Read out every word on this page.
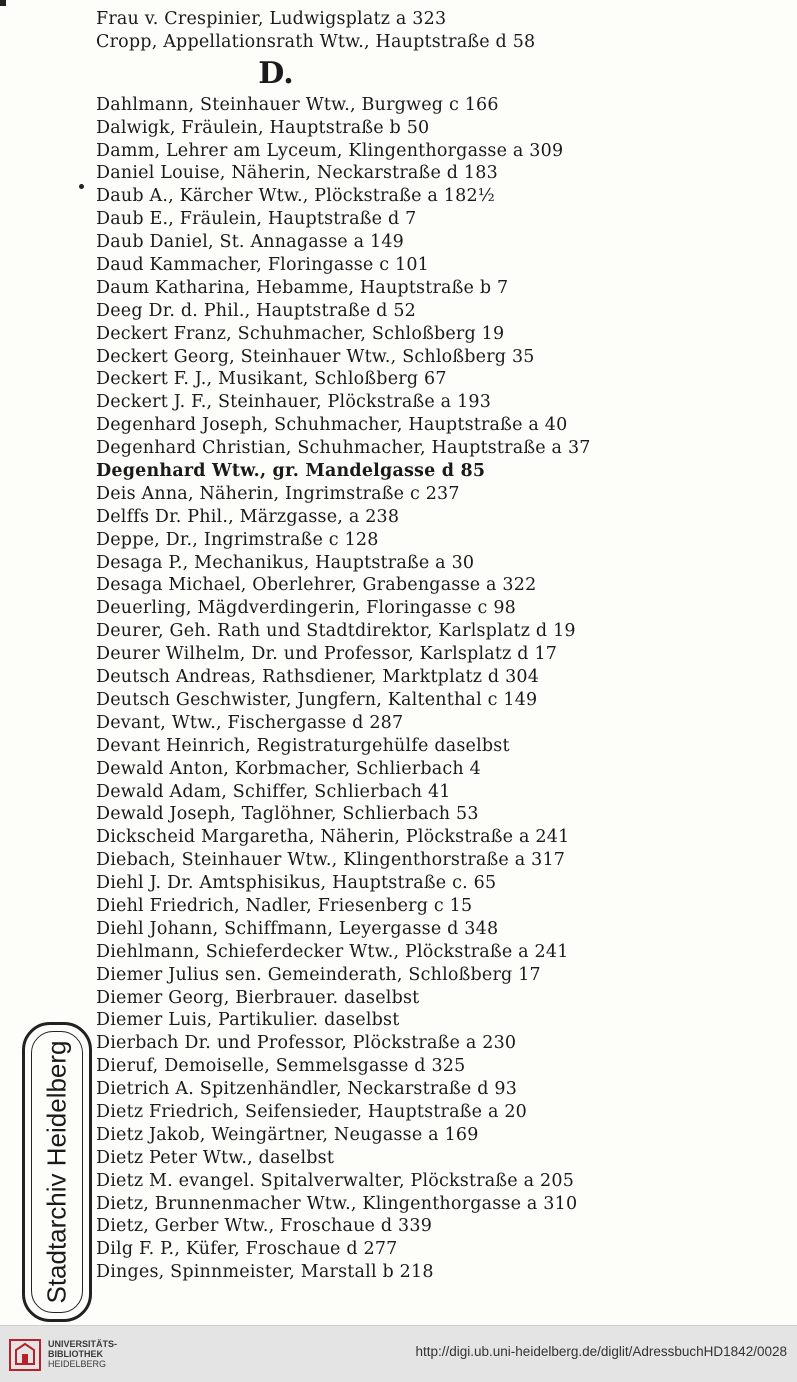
Frau v. Crespinier, Ludwigsplatz a 323
Cropp, Appellationsrath Wtw., Hauptstraße d 58
D.
Dahlmann, Steinhauer Wtw., Burgweg c 166
Dalwigk, Fräulein, Hauptstraße b 50
Damm, Lehrer am Lyceum, Klingenthorgasse a 309
Daniel Louise, Näherin, Neckarstraße d 183
Daub A., Kärcher Wtw., Plöckstraße a 182½
Daub E., Fräulein, Hauptstraße d 7
Daub Daniel, St. Annagasse a 149
Daud Kammacher, Floringasse c 101
Daum Katharina, Hebamme, Hauptstraße b 7
Deeg Dr. d. Phil., Hauptstraße d 52
Deckert Franz, Schuhmacher, Schloßberg 19
Deckert Georg, Steinhauer Wtw., Schloßberg 35
Deckert F. J., Musikant, Schloßberg 67
Deckert J. F., Steinhauer, Plöckstraße a 193
Degenhard Joseph, Schuhmacher, Hauptstraße a 40
Degenhard Christian, Schuhmacher, Hauptstraße a 37
Degenhard Wtw., gr. Mandelgasse d 85
Deis Anna, Näherin, Ingrimstraße c 237
Delffs Dr. Phil., Märzgasse, a 238
Deppe, Dr., Ingrimstraße c 128
Desaga P., Mechanikus, Hauptstraße a 30
Desaga Michael, Oberlehrer, Grabengasse a 322
Deuerling, Mägdverdingerin, Floringasse c 98
Deurer, Geh. Rath und Stadtdirektor, Karlsplatz d 19
Deurer Wilhelm, Dr. und Professor, Karlsplatz d 17
Deutsch Andreas, Rathsdiener, Marktplatz d 304
Deutsch Geschwister, Jungfern, Kaltenthal c 149
Devant, Wtw., Fischergasse d 287
Devant Heinrich, Registraturgehülfe daselbst
Dewald Anton, Korbmacher, Schlierbach 4
Dewald Adam, Schiffer, Schlierbach 41
Dewald Joseph, Taglöhner, Schlierbach 53
Dickscheid Margaretha, Näherin, Plöckstraße a 241
Diebach, Steinhauer Wtw., Klingenthorstraße a 317
Diehl J. Dr. Amtsphisikus, Hauptstraße c. 65
Diehl Friedrich, Nadler, Friesenberg c 15
Diehl Johann, Schiffmann, Leyergasse d 348
Diehlmann, Schieferdecker Wtw., Plöckstraße a 241
Diemer Julius sen. Gemeinderath, Schloßberg 17
Diemer Georg, Bierbrauer. daselbst
Diemer Luis, Partikulier. daselbst
Dierbach Dr. und Professor, Plöckstraße a 230
Dieruf, Demoiselle, Semmelsgasse d 325
Dietrich A. Spitzenhändler, Neckarstraße d 93
Dietz Friedrich, Seifensieder, Hauptstraße a 20
Dietz Jakob, Weingärtner, Neugasse a 169
Dietz Peter Wtw., daselbst
Dietz M. evangel. Spitalverwalter, Plöckstraße a 205
Dietz, Brunnenmacher Wtw., Klingenthorgasse a 310
Dietz, Gerber Wtw., Froschaue d 339
Dilg F. P., Küfer, Froschaue d 277
Dinges, Spinnmeister, Marstall b 218
Stadtarchiv Heidelberg
UNIVERSITÄTS-
BIBLIOTHEK
HEIDELBERG
http://digi.ub.uni-heidelberg.de/diglit/AdressbuchHD1842/0028
